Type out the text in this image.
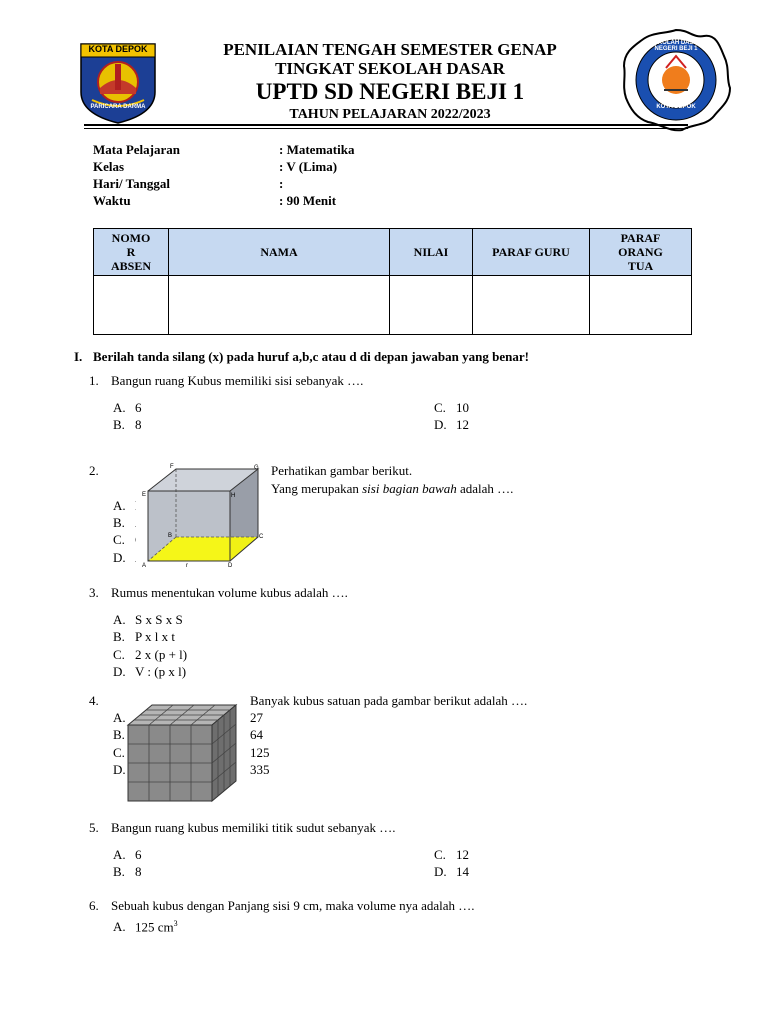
KOTA DEPOK
PARICARA DARMA
SEKOLAH DASAR NEGERI BEJI 1
KOTA DEPOK
PENILAIAN TENGAH SEMESTER GENAP
TINGKAT SEKOLAH DASAR
UPTD SD NEGERI BEJI 1
TAHUN PELAJARAN 2022/2023
Mata Pelajaran	: Matematika
Kelas	: V (Lima)
Hari/ Tanggal	:
Waktu	: 90 Menit
NOMO
R
ABSEN	NAMA	NILAI	PARAF GURU	PARAF
ORANG
TUA

I. Berilah tanda silang (x) pada huruf a,b,c atau d di depan jawaban yang benar!
1. Bangun ruang Kubus memiliki sisi sebanyak ….
A. 6
B. 8
C. 10
D. 12
2.
A.
B.
C.
D.
F	G
E	H
B	C
A	D
r
Perhatikan gambar berikut.
Yang merupakan sisi bagian bawah adalah ….
3. Rumus menentukan volume kubus adalah ….
A. S x S x S
B. P x l x t
C. 2 x (p + l)
D. V : (p x l)
4.
A.
B.
C.
D.
Banyak kubus satuan pada gambar berikut adalah ….
27
64
125
335
5. Bangun ruang kubus memiliki titik sudut sebanyak ….
A. 6
B. 8
C. 12
D. 14
6. Sebuah kubus dengan Panjang sisi 9 cm, maka volume nya adalah ….
A. 125 $cm^3$
